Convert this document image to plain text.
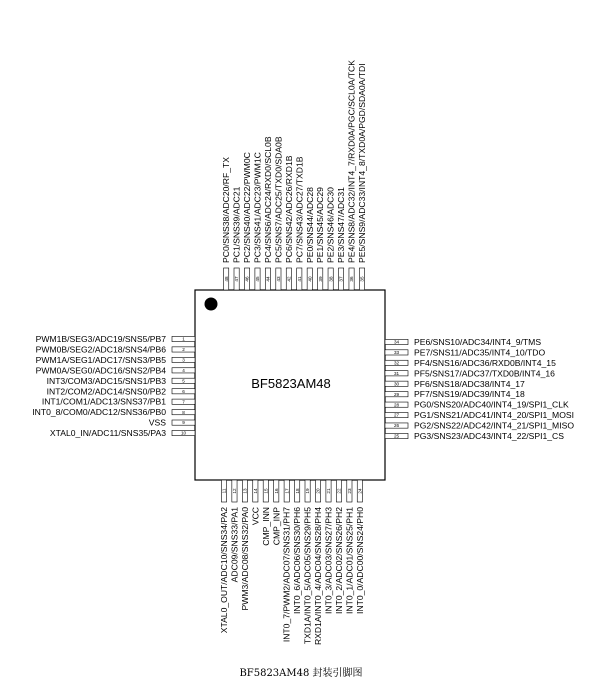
BF5823AM48
BF5823AM48 封装引脚图
1
PWM1B/SEG3/ADC19/SNS5/PB7
2
PWM0B/SEG2/ADC18/SNS4/PB6
3
PWM1A/SEG1/ADC17/SNS3/PB5
4
PWM0A/SEG0/ADC16/SNS2/PB4
5
INT3/COM3/ADC15/SNS1/PB3
6
INT2/COM2/ADC14/SNS0/PB2
7
INT1/COM1/ADC13/SNS37/PB1
8
INT0_8/COM0/ADC12/SNS36/PB0
9
VSS
10
XTAL0_IN/ADC11/SNS35/PA3	25 PG3/SNS23/ADC43/INT4_22/SPI1_CS
26 PG2/SNS22/ADC42/INT4_21/SPI1_MISO
27 PG1/SNS21/ADC41/INT4_20/SPI1_MOSI
28 PG0/SNS20/ADC40/INT4_19/SPI1_CLK
29 PF7/SNS19/ADC39/INT4_18
30 PF6/SNS18/ADC38/INT4_17
31 PF5/SNS17/ADC37/TXD0B/INT4_16
32 PF4/SNS16/ADC36/RXD0B/INT4_15
33 PE7/SNS11/ADC35/INT4_10/TDO
34 PE6/SNS10/ADC34/INT4_9/TMS
11
XTAL0_OUT/ADC10/SNS34/PA2
12
ADC09/SNS33/PA1
13
PWM3/ADC08/SNS32/PA0
14
VCC
15
CMP_INN
16
CMP_INP
17
INT0_7/PWM2/ADC07/SNS31/PH7
18
INT0_6/ADC06/SNS30/PH6
19
TXD1A/INT0_5/ADC05/SNS29/PH5
20
RXD1A/INT0_4/ADC04/SNS28/PH4
21
INT0_3/ADC03/SNS27/PH3
22
INT0_2/ADC02/SNS26/PH2
23
INT0_1/ADC01/SNS25/PH1
24
INT0_0/ADC00/SNS24/PH0
35
PE5/SNS9/ADC33/INT4_8/TXD0A/PGD/SDA0A/TDI
36
PE4/SNS8/ADC32/INT4_7/RXD0A/PGC/SCL0A/TCK
37
PE3/SNS47/ADC31
38
PE2/SNS46/ADC30
39
PE1/SNS45/ADC29
40
PE0/SNS44/ADC28
41
PC7/SNS43/ADC27/TXD1B
42
PC6/SNS42/ADC26/RXD1B
43
PC5/SNS7/ADC25/TXD0/SDA0B
44
PC4/SNS6/ADC24/RXD0/SCL0B
45
PC3/SNS41/ADC23/PWM1C
46
PC2/SNS40/ADC22/PWM0C
47
PC1/SNS39/ADC21
48
PC0/SNS38/ADC20/RF_TX
